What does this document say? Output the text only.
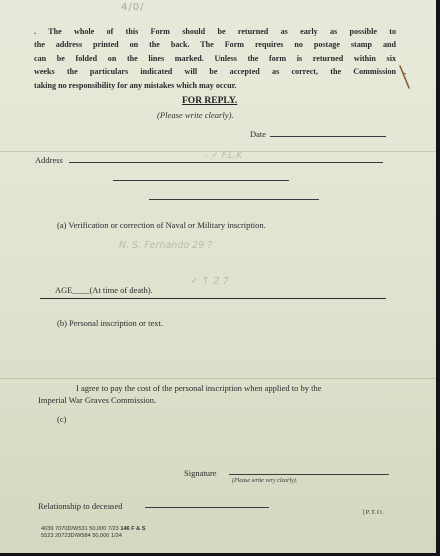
4/0/
. The whole of this Form should be returned as early as possible to
the address printed on the back. The Form requires no postage stamp and
can be folded on the lines marked. Unless the form is returned within six
weeks the particulars indicated will be accepted as correct, the Commission
taking no responsibility for any mistakes which may occur.
FOR REPLY.
(Please write clearly).
Date
Address	- ✓ F.L.K
(a) Verification or correction of Naval or Military inscription.
N. S. Fernando 29 ?
AGE____(At time of death).
✓ ↑ 2 7
(b) Personal inscription or text.
I agree to pay the cost of the personal inscription when applied to by the
Imperial War Graves Commission.
(c)
Signature
(Please write very clearly).
Relationship to deceased
[P.T.O.
4039 7070D/W531 50,000 7/23 146 F & S
5523 20723D/W584 50,000 1/24
